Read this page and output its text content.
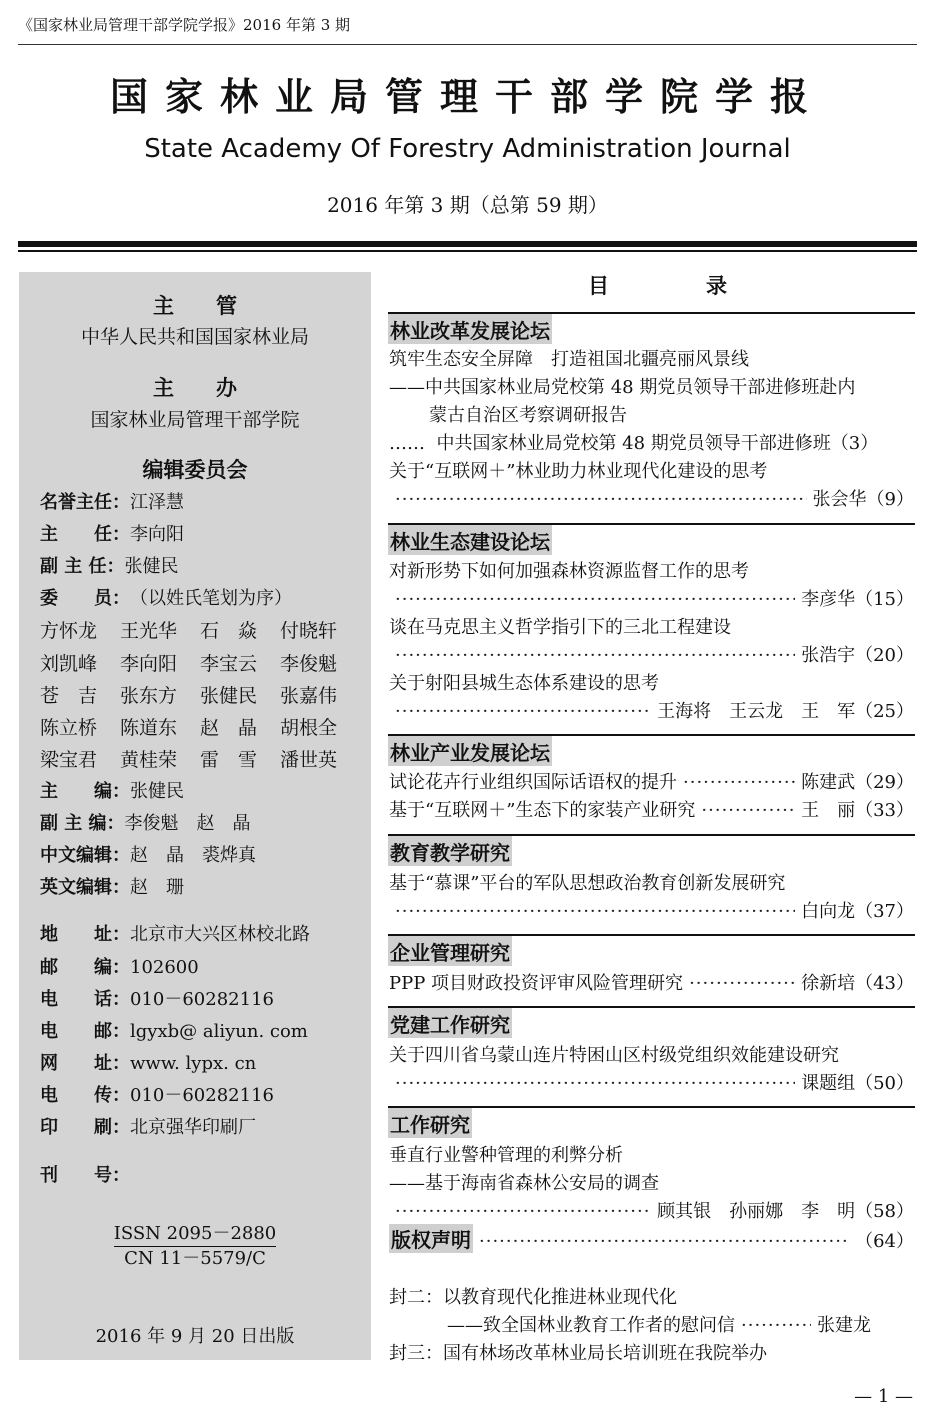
《国家林业局管理干部学院学报》2016 年第 3 期
国家林业局管理干部学院学报
State Academy Of Forestry Administration Journal
2016 年第 3 期（总第 59 期）
主　　管
中华人民共和国国家林业局
主　　办
国家林业局管理干部学院
编辑委员会
名誉主任：江泽慧
主　　任：李向阳
副 主 任：张健民
委　　员：（以姓氏笔划为序）
方怀龙 王光华 石　焱 付晓轩
刘凯峰 李向阳 李宝云 李俊魁
苍　吉 张东方 张健民 张嘉伟
陈立桥 陈道东 赵　晶 胡根全
梁宝君 黄桂荣 雷　雪 潘世英
主　　编：张健民
副 主 编：李俊魁　赵　晶
中文编辑：赵　晶　裘烨真
英文编辑：赵　珊
地　　址：北京市大兴区林校北路
邮　　编：102600
电　　话：010－60282116
电　　邮：lgyxb@ aliyun. com
网　　址：www. lypx. cn
电　　传：010－60282116
印　　刷：北京强华印刷厂
刊　　号：
ISSN 2095－2880
CN 11－5579/C
2016 年 9 月 20 日出版
目　录
林业改革发展论坛
筑牢生态安全屏障　打造祖国北疆亮丽风景线
——中共国家林业局党校第 48 期党员领导干部进修班赴内
蒙古自治区考察调研报告
…… 中共国家林业局党校第 48 期党员领导干部进修班（3）
关于“互联网＋”林业助力林业现代化建设的思考
·····
张会华（9）
林业生态建设论坛
对新形势下如何加强森林资源监督工作的思考
·····
李彦华（15）
谈在马克思主义哲学指引下的三北工程建设
·····
张浩宇（20）
关于射阳县城生态体系建设的思考
·····
王海将　王云龙　王　军（25）
林业产业发展论坛
试论花卉行业组织国际话语权的提升 ·····	陈建武（29）
基于“互联网＋”生态下的家装产业研究 ·····	王　丽（33）
教育教学研究
基于“慕课”平台的军队思想政治教育创新发展研究
·····
白向龙（37）
企业管理研究
PPP 项目财政投资评审风险管理研究 ·····	徐新培（43）
党建工作研究
关于四川省乌蒙山连片特困山区村级党组织效能建设研究
·····
课题组（50）
工作研究
垂直行业警种管理的利弊分析
——基于海南省森林公安局的调查
·····
顾其银　孙丽娜　李　明（58）
版权声明 ·····	（64）
封二：以教育现代化推进林业现代化
——致全国林业教育工作者的慰问信 ·····	张建龙
封三：国有林场改革林业局长培训班在我院举办
— 1 —
